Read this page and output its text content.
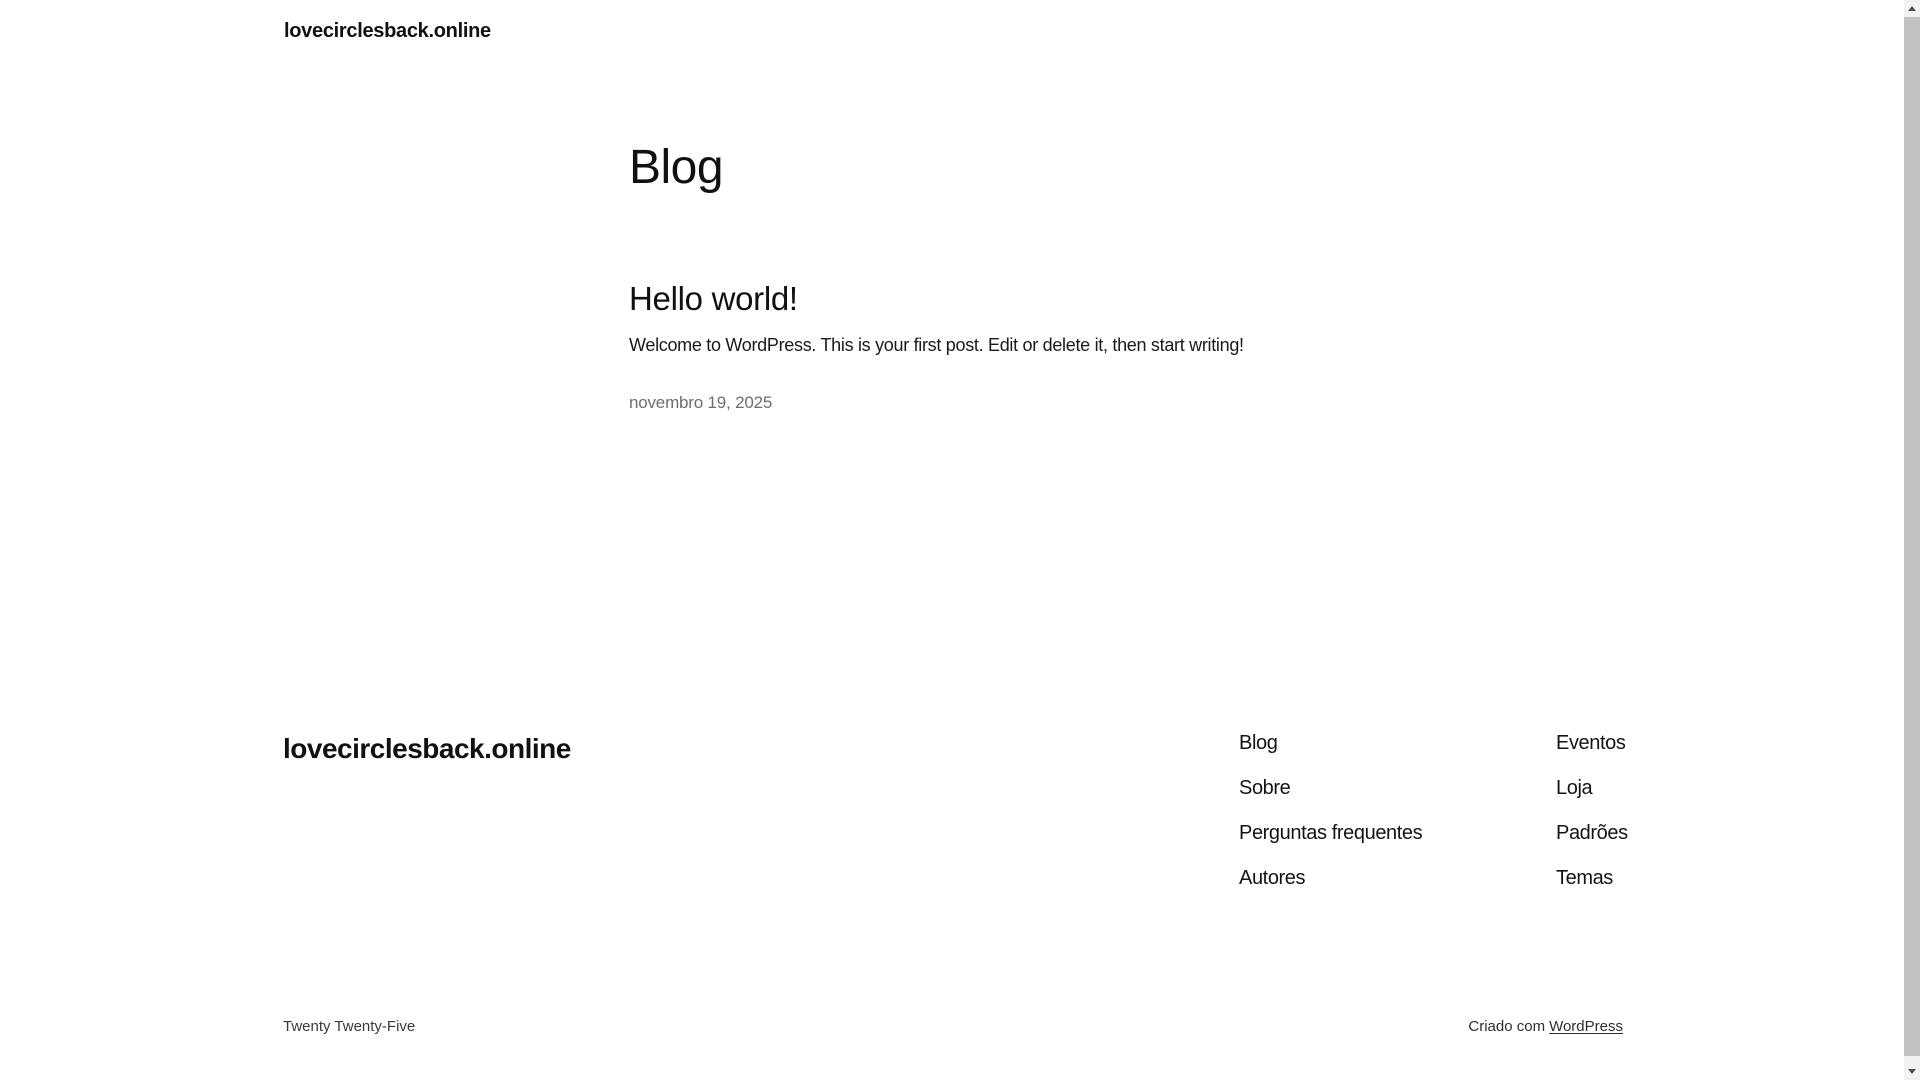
lovecirclesback.online
Blog
Hello world!

Welcome to WordPress. This is your first post. Edit or delete it, then start writing!

novembro 19, 2025
lovecirclesback.online	Blog
Sobre
Perguntas frequentes
Autores
Eventos
Loja
Padrões
Temas
Twenty Twenty-Five	Criado com WordPress
